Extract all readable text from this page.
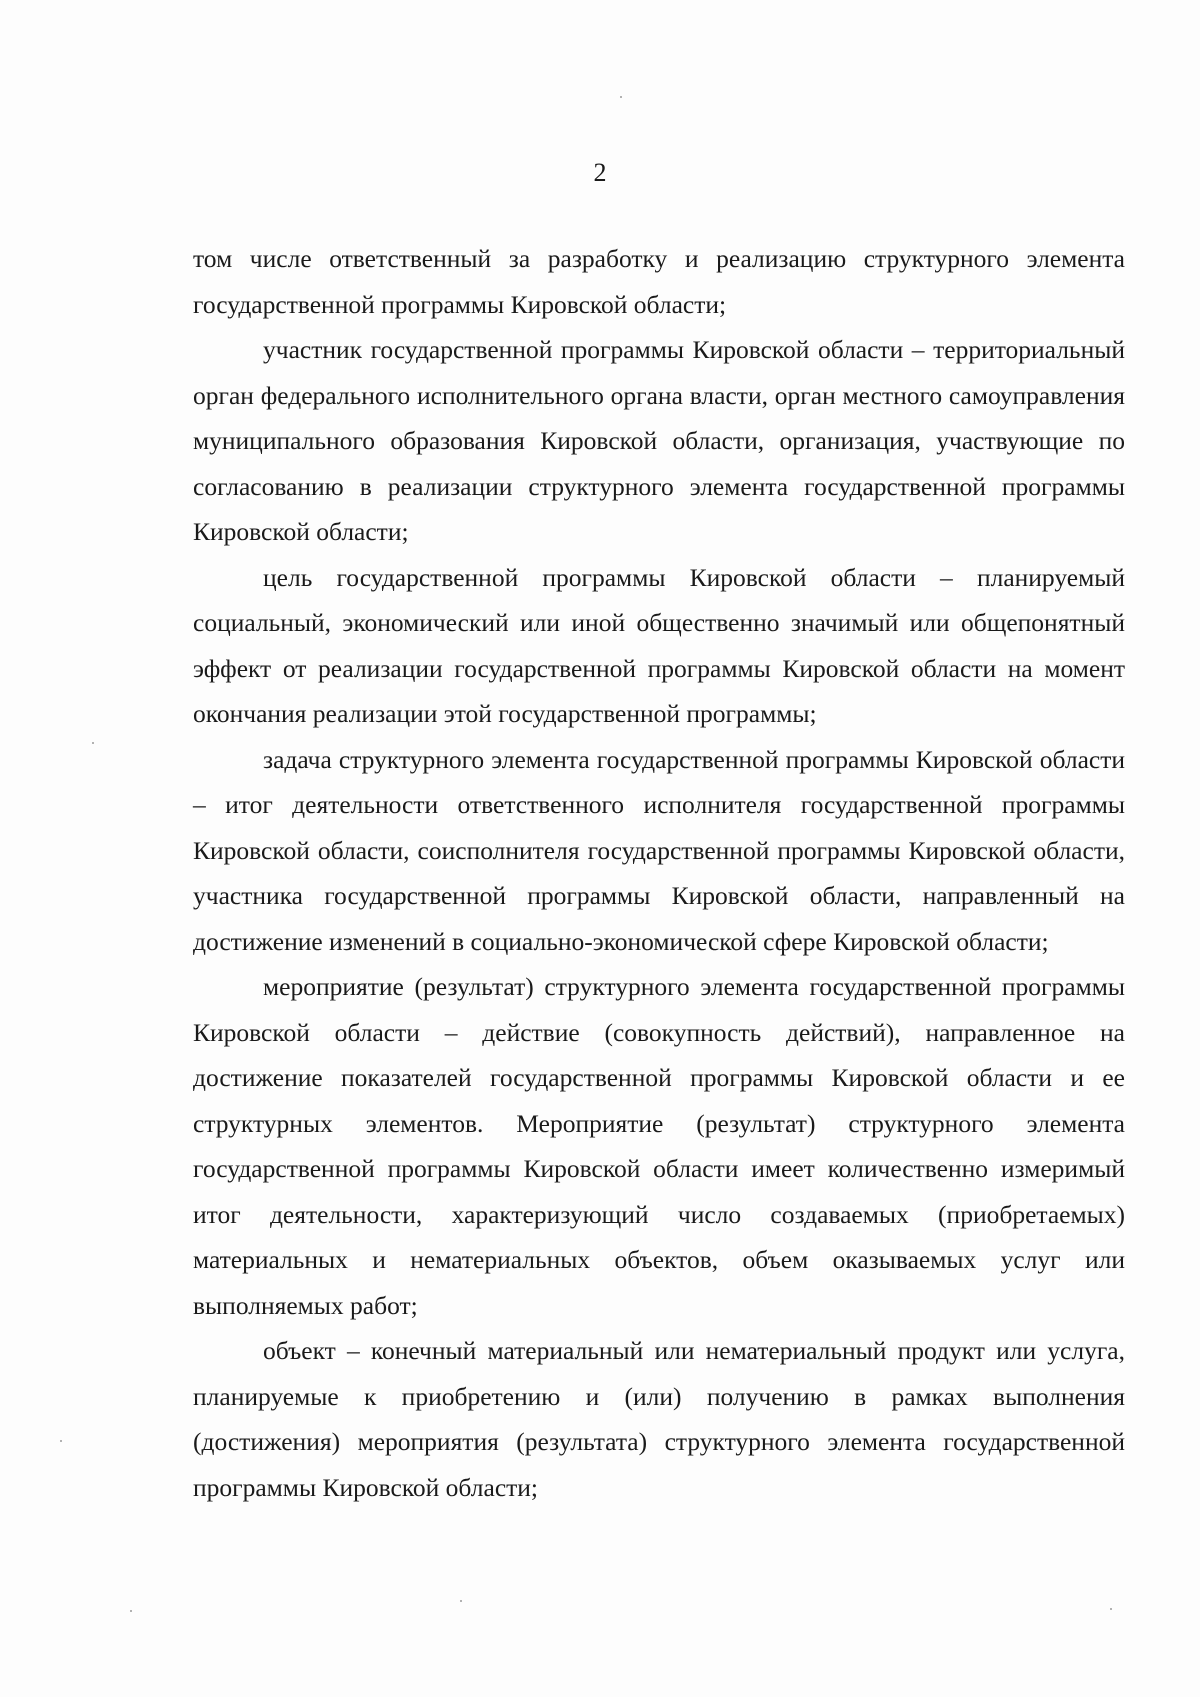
2

том числе ответственный за разработку и реализацию структурного элемента государственной программы Кировской области;

участник государственной программы Кировской области – территориальный орган федерального исполнительного органа власти, орган местного самоуправления муниципального образования Кировской области, организация, участвующие по согласованию в реализации структурного элемента государственной программы Кировской области;

цель государственной программы Кировской области – планируемый социальный, экономический или иной общественно значимый или общепонятный эффект от реализации государственной программы Кировской области на момент окончания реализации этой государственной программы;

задача структурного элемента государственной программы Кировской области – итог деятельности ответственного исполнителя государственной программы Кировской области, соисполнителя государственной программы Кировской области, участника государственной программы Кировской области, направленный на достижение изменений в социально-экономической сфере Кировской области;

мероприятие (результат) структурного элемента государственной программы Кировской области – действие (совокупность действий), направленное на достижение показателей государственной программы Кировской области и ее структурных элементов. Мероприятие (результат) структурного элемента государственной программы Кировской области имеет количественно измеримый итог деятельности, характеризующий число создаваемых (приобретаемых) материальных и нематериальных объектов, объем оказываемых услуг или выполняемых работ;

объект – конечный материальный или нематериальный продукт или услуга, планируемые к приобретению и (или) получению в рамках выполнения (достижения) мероприятия (результата) структурного элемента государственной программы Кировской области;
